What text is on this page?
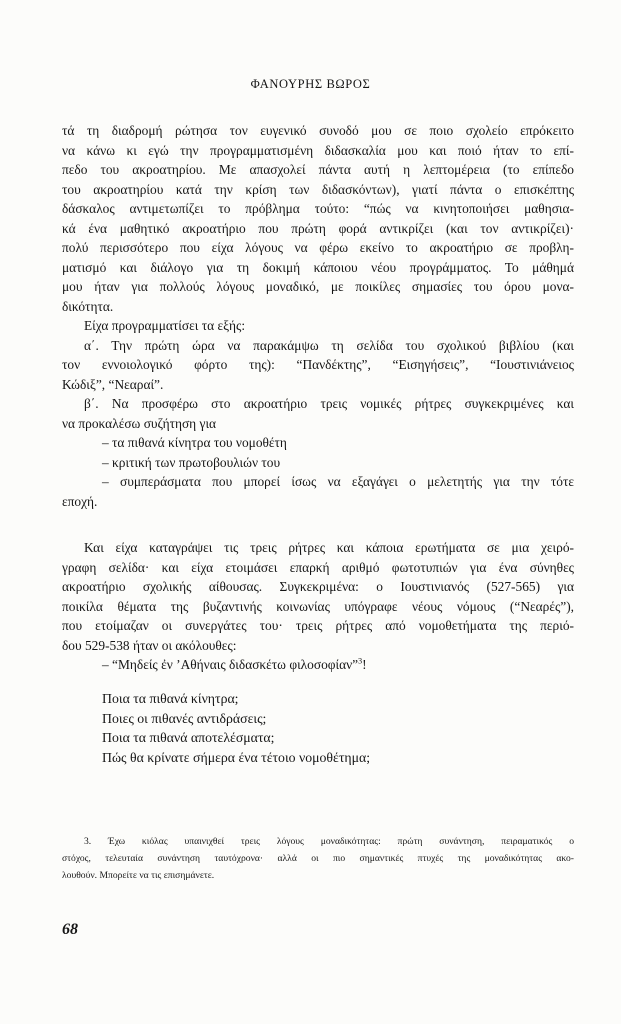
ΦΑΝΟΥΡΗΣ ΒΩΡΟΣ
τά τη διαδρομή ρώτησα τον ευγενικό συνοδό μου σε ποιο σχολείο επρόκειτο
να κάνω κι εγώ την προγραμματισμένη διδασκαλία μου και ποιό ήταν το επί-
πεδο του ακροατηρίου. Με απασχολεί πάντα αυτή η λεπτομέρεια (το επίπεδο
του ακροατηρίου κατά την κρίση των διδασκόντων), γιατί πάντα ο επισκέπτης
δάσκαλος αντιμετωπίζει το πρόβλημα τούτο: “πώς να κινητοποιήσει μαθησια-
κά ένα μαθητικό ακροατήριο που πρώτη φορά αντικρίζει (και τον αντικρίζει)·
πολύ περισσότερο που είχα λόγους να φέρω εκείνο το ακροατήριο σε προβλη-
ματισμό και διάλογο για τη δοκιμή κάποιου νέου προγράμματος. Το μάθημά
μου ήταν για πολλούς λόγους μοναδικό, με ποικίλες σημασίες του όρου μονα-
δικότητα.
Είχα προγραμματίσει τα εξής:
α΄. Την πρώτη ώρα να παρακάμψω τη σελίδα του σχολικού βιβλίου (και
τον εννοιολογικό φόρτο της): “Πανδέκτης”, “Εισηγήσεις”, “Ιουστινιάνειος
Κώδιξ”, “Νεαραί”.
β΄. Να προσφέρω στο ακροατήριο τρεις νομικές ρήτρες συγκεκριμένες και
να προκαλέσω συζήτηση για
– τα πιθανά κίνητρα του νομοθέτη
– κριτική των πρωτοβουλιών του
– συμπεράσματα που μπορεί ίσως να εξαγάγει ο μελετητής για την τότε
εποχή.
Και είχα καταγράψει τις τρεις ρήτρες και κάποια ερωτήματα σε μια χειρό-
γραφη σελίδα· και είχα ετοιμάσει επαρκή αριθμό φωτοτυπιών για ένα σύνηθες
ακροατήριο σχολικής αίθουσας. Συγκεκριμένα: ο Ιουστινιανός (527-565) για
ποικίλα θέματα της βυζαντινής κοινωνίας υπόγραφε νέους νόμους (“Νεαρές”),
που ετοίμαζαν οι συνεργάτες του· τρεις ρήτρες από νομοθετήματα της περιό-
δου 529-538 ήταν οι ακόλουθες:
– “Μηδείς ἐν ’Αθήναις διδασκέτω φιλοσοφίαν”$^3$!
Ποια τα πιθανά κίνητρα;
Ποιες οι πιθανές αντιδράσεις;
Ποια τα πιθανά αποτελέσματα;
Πώς θα κρίνατε σήμερα ένα τέτοιο νομοθέτημα;
3. Έχω κιόλας υπαινιχθεί τρεις λόγους μοναδικότητας: πρώτη συνάντηση, πειραματικός ο
στόχος, τελευταία συνάντηση ταυτόχρονα· αλλά οι πιο σημαντικές πτυχές της μοναδικότητας ακο-
λουθούν. Μπορείτε να τις επισημάνετε.
68
